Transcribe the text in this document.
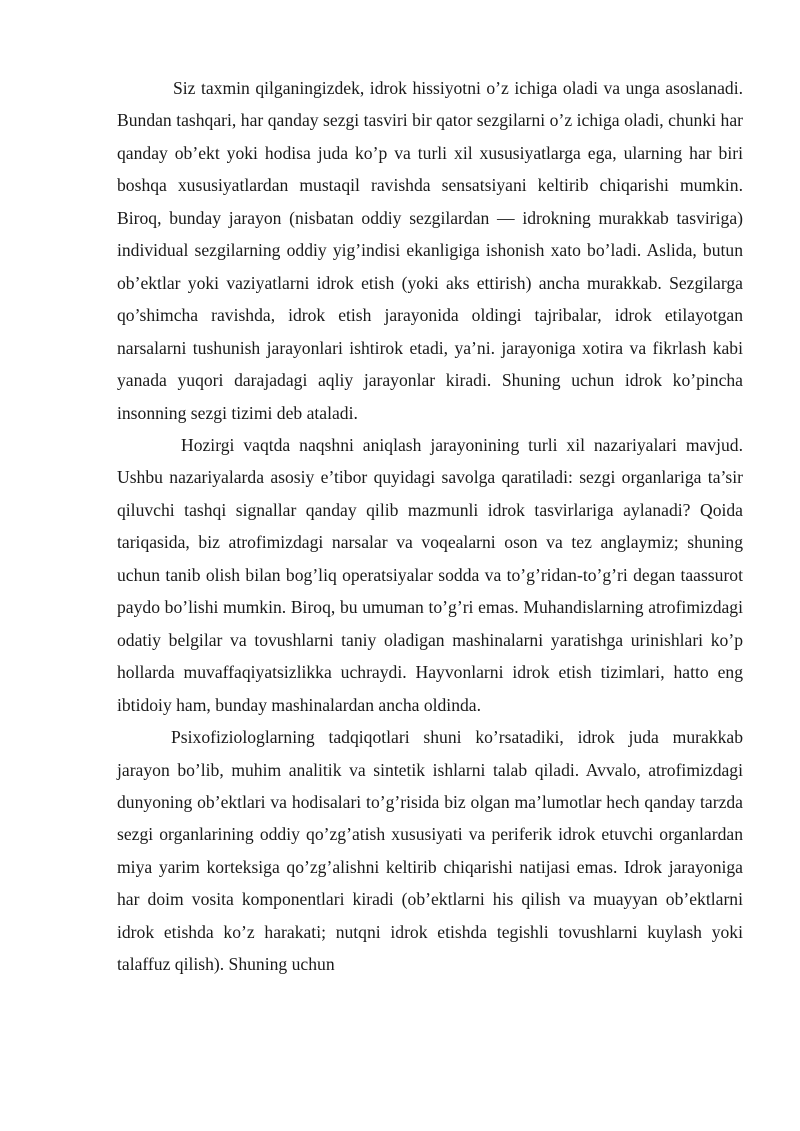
Siz taxmin qilganingizdek, idrok hissiyotni o’z ichiga oladi va unga asoslanadi. Bundan tashqari, har qanday sezgi tasviri bir qator sezgilarni o’z ichiga oladi, chunki har qanday ob’ekt yoki hodisa juda ko’p va turli xil xususiyatlarga ega, ularning har biri boshqa xususiyatlardan mustaqil ravishda sensatsiyani keltirib chiqarishi mumkin. Biroq, bunday jarayon (nisbatan oddiy sezgilardan — idrokning murakkab tasviriga) individual sezgilarning oddiy yig’indisi ekanligiga ishonish xato bo’ladi. Aslida, butun ob’ektlar yoki vaziyatlarni idrok etish (yoki aks ettirish) ancha murakkab. Sezgilarga qo’shimcha ravishda, idrok etish jarayonida oldingi tajribalar, idrok etilayotgan narsalarni tushunish jarayonlari ishtirok etadi, ya’ni. jarayoniga xotira va fikrlash kabi yanada yuqori darajadagi aqliy jarayonlar kiradi. Shuning uchun idrok ko’pincha insonning sezgi tizimi deb ataladi.

Hozirgi vaqtda naqshni aniqlash jarayonining turli xil nazariyalari mavjud. Ushbu nazariyalarda asosiy e’tibor quyidagi savolga qaratiladi: sezgi organlariga ta’sir qiluvchi tashqi signallar qanday qilib mazmunli idrok tasvirlariga aylanadi? Qoida tariqasida, biz atrofimizdagi narsalar va voqealarni oson va tez anglaymiz; shuning uchun tanib olish bilan bog’liq operatsiyalar sodda va to’g’ridan-to’g’ri degan taassurot paydo bo’lishi mumkin. Biroq, bu umuman to’g’ri emas. Muhandislarning atrofimizdagi odatiy belgilar va tovushlarni taniy oladigan mashinalarni yaratishga urinishlari ko’p hollarda muvaffaqiyatsizlikka uchraydi. Hayvonlarni idrok etish tizimlari, hatto eng ibtidoiy ham, bunday mashinalardan ancha oldinda.

Psixofiziologlarning tadqiqotlari shuni ko’rsatadiki, idrok juda murakkab jarayon bo’lib, muhim analitik va sintetik ishlarni talab qiladi. Avvalo, atrofimizdagi dunyoning ob’ektlari va hodisalari to’g’risida biz olgan ma’lumotlar hech qanday tarzda sezgi organlarining oddiy qo’zg’atish xususiyati va periferik idrok etuvchi organlardan miya yarim korteksiga qo’zg’alishni keltirib chiqarishi natijasi emas. Idrok jarayoniga har doim vosita komponentlari kiradi (ob’ektlarni his qilish va muayyan ob’ektlarni idrok etishda ko’z harakati; nutqni idrok etishda tegishli tovushlarni kuylash yoki talaffuz qilish). Shuning uchun
